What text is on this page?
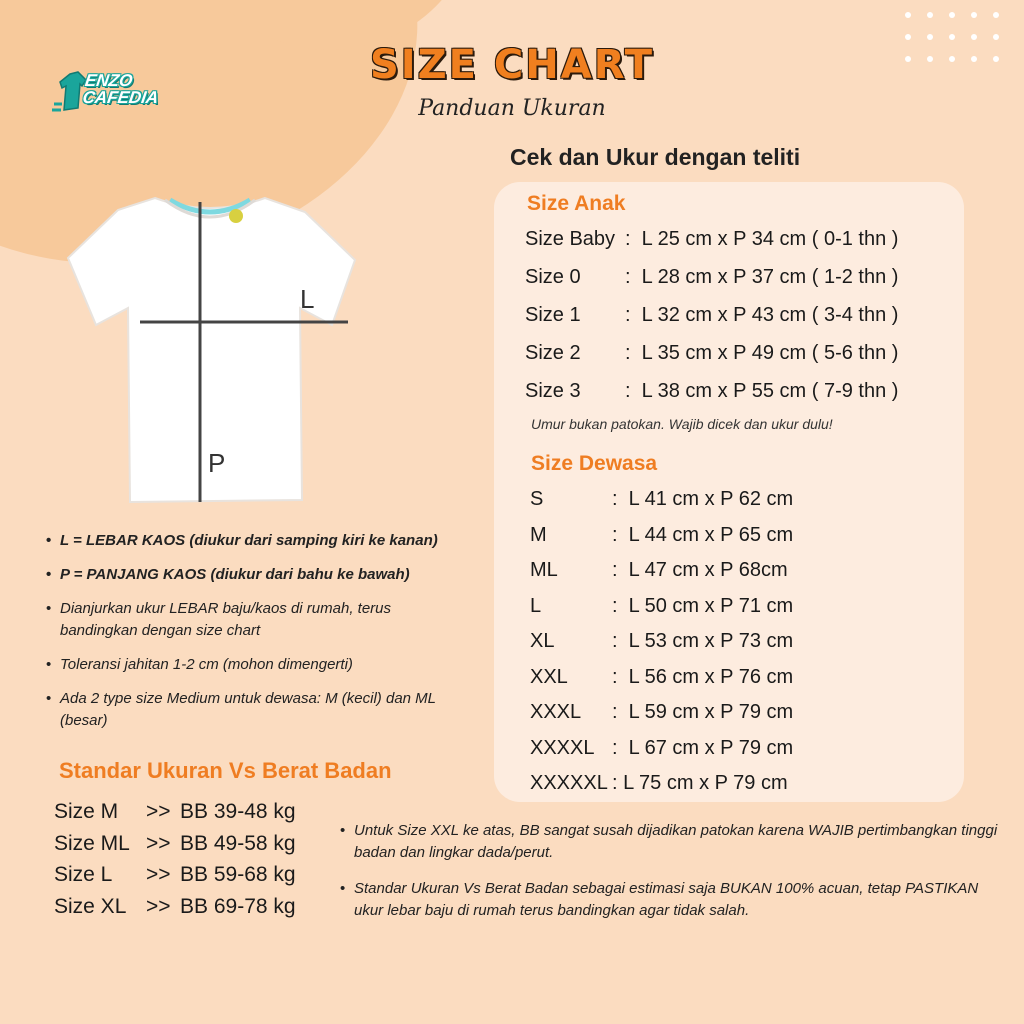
ENZO
CAFEDIA
SIZE CHART
Panduan Ukuran
Cek dan Ukur dengan teliti
L
P
Size Anak
Size Baby :  L 25 cm x P 34 cm ( 0-1 thn )
Size 0 :  L 28 cm x P 37 cm ( 1-2 thn )
Size 1 :  L 32 cm x P 43 cm ( 3-4 thn )
Size 2 :  L 35 cm x P 49 cm ( 5-6 thn )
Size 3 :  L 38 cm x P 55 cm ( 7-9 thn )
Umur bukan patokan. Wajib dicek dan ukur dulu!
Size Dewasa
S	:  L 41 cm x P 62 cm
M	:  L 44 cm x P 65 cm
ML	:  L 47 cm x P 68cm
L	:  L 50 cm x P 71 cm
XL	:  L 53 cm x P 73 cm
XXL :  L 56 cm x P 76 cm
XXXL :  L 59 cm x P 79 cm
XXXXL :  L 67 cm x P 79 cm
XXXXXL : L 75 cm x P 79 cm
• L = LEBAR KAOS (diukur dari samping kiri ke kanan)
• P = PANJANG KAOS (diukur dari bahu ke bawah)
• Dianjurkan ukur LEBAR baju/kaos di rumah, terus bandingkan dengan size chart
• Toleransi jahitan 1-2 cm (mohon dimengerti)
• Ada 2 type size Medium untuk dewasa: M (kecil) dan ML (besar)
Standar Ukuran Vs Berat Badan
Size M >> BB 39-48 kg
Size ML >> BB 49-58 kg
Size L >> BB 59-68 kg
Size XL >> BB 69-78 kg
• Untuk Size XXL ke atas, BB sangat susah dijadikan patokan karena WAJIB pertimbangkan tinggi badan dan lingkar dada/perut.
• Standar Ukuran Vs Berat Badan sebagai estimasi saja BUKAN 100% acuan, tetap PASTIKAN ukur lebar baju di rumah terus bandingkan agar tidak salah.
